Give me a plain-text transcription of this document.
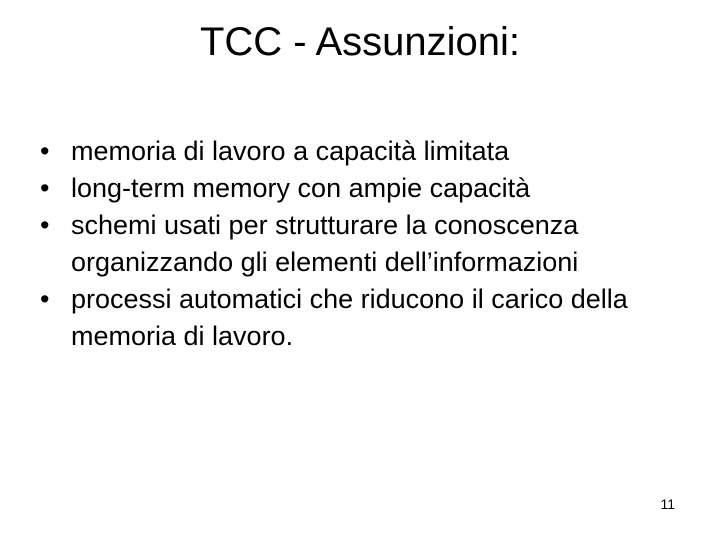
TCC - Assunzioni:
• memoria di lavoro a capacità limitata
• long-term memory con ampie capacità
• schemi usati per strutturare la conoscenza organizzando gli elementi dell’informazioni
• processi automatici che riducono il carico della memoria di lavoro.
11
